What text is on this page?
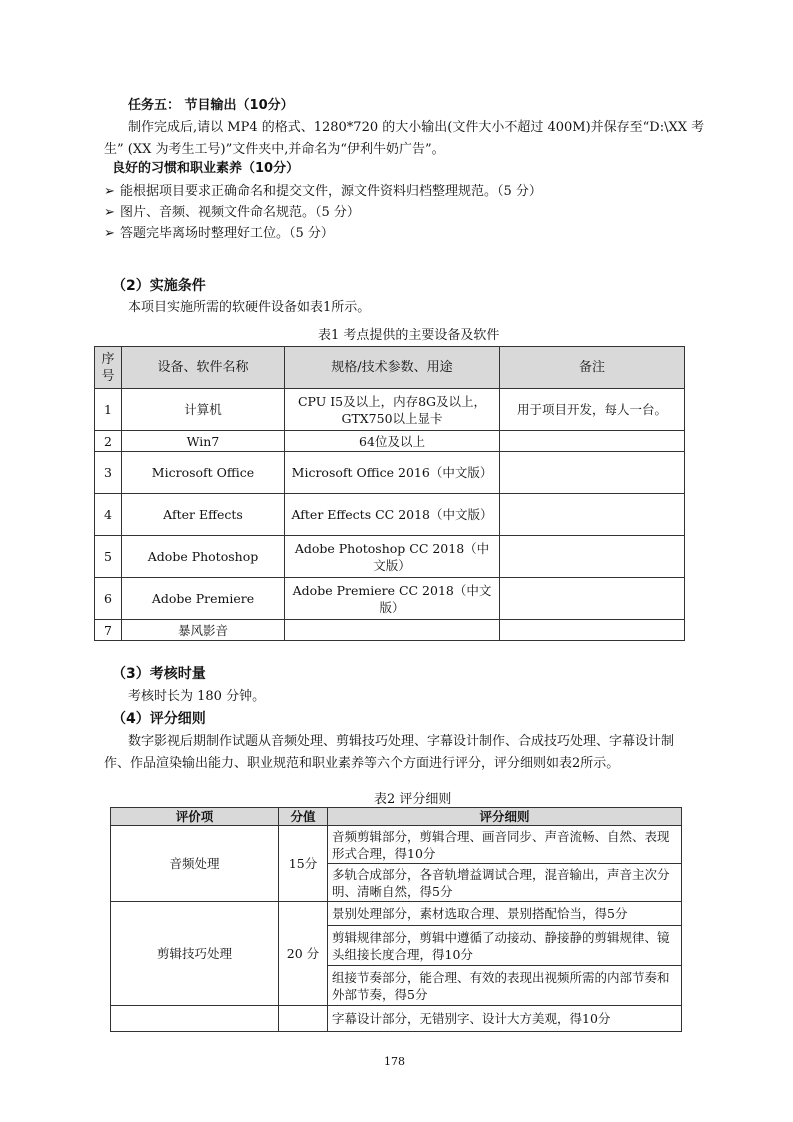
任务五： 节目输出（10分）
制作完成后,请以 MP4 的格式、1280*720 的大小输出(文件大小不超过 400M)并保存至“D:\XX 考
生” (XX 为考生工号)”文件夹中,并命名为“伊利牛奶广告”。
良好的习惯和职业素养（10分）
➢ 能根据项目要求正确命名和提交文件，源文件资料归档整理规范。（5 分）
➢ 图片、音频、视频文件命名规范。（5 分）
➢ 答题完毕离场时整理好工位。（5 分）
（2）实施条件
本项目实施所需的软硬件设备如表1所示。
表1 考点提供的主要设备及软件
序号	设备、软件名称	规格/技术参数、用途	备注
1	计算机	CPU I5及以上，内存8G及以上，GTX750以上显卡	用于项目开发，每人一台。
2	Win7	64位及以上	
3	Microsoft Office	Microsoft Office 2016（中文版）	
4	After Effects	After Effects CC 2018（中文版）	
5	Adobe Photoshop	Adobe Photoshop CC 2018（中文版）	
6	Adobe Premiere	Adobe Premiere CC 2018（中文版）	
7	暴风影音		
（3）考核时量
考核时长为 180 分钟。
（4）评分细则
数字影视后期制作试题从音频处理、剪辑技巧处理、字幕设计制作、合成技巧处理、字幕设计制
作、作品渲染输出能力、职业规范和职业素养等六个方面进行评分，评分细则如表2所示。
表2 评分细则
评价项	分值	评分细则
音频处理	15分	音频剪辑部分，剪辑合理、画音同步、声音流畅、自然、表现形式合理，得10分
		多轨合成部分，各音轨增益调试合理，混音输出，声音主次分明、清晰自然，得5分
剪辑技巧处理	20 分	景别处理部分，素材选取合理、景别搭配恰当，得5分
		剪辑规律部分，剪辑中遵循了动接动、静接静的剪辑规律、镜头组接长度合理，得10分
		组接节奏部分，能合理、有效的表现出视频所需的内部节奏和外部节奏，得5分
		字幕设计部分，无错别字、设计大方美观，得10分
178
